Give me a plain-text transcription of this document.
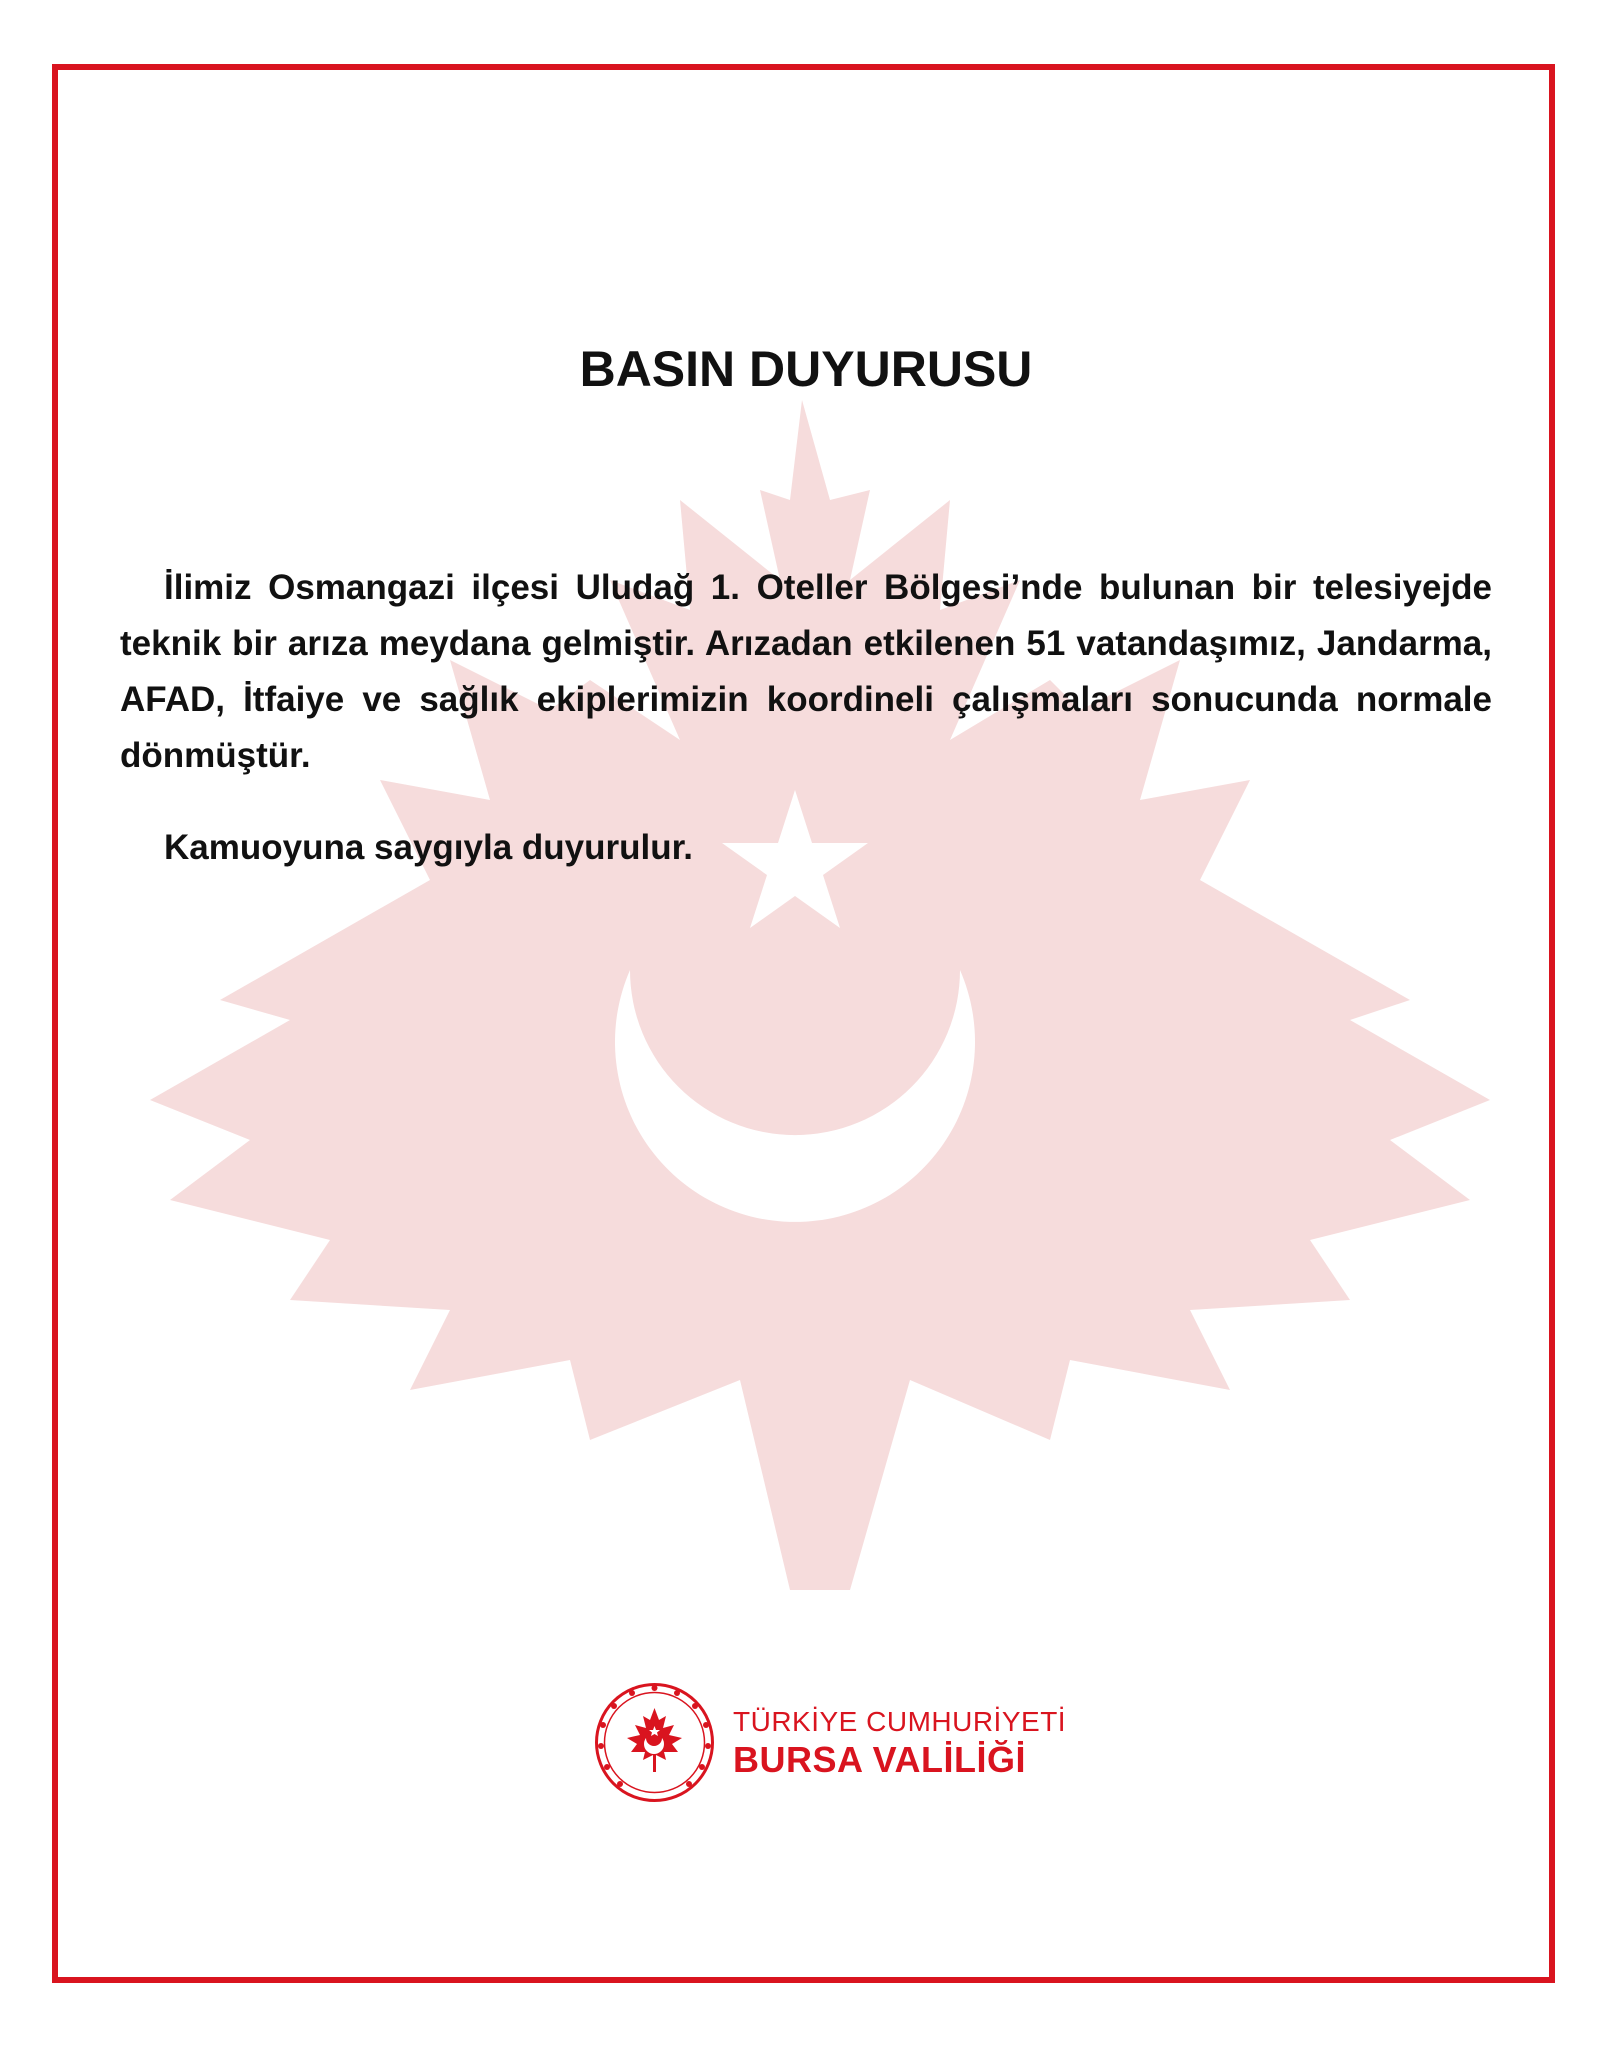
BASIN DUYURUSU

İlimiz Osmangazi ilçesi Uludağ 1. Oteller Bölgesi’nde bulunan bir telesiyejde teknik bir arıza meydana gelmiştir. Arızadan etkilenen 51 vatandaşımız, Jandarma, AFAD, İtfaiye ve sağlık ekiplerimizin koordineli çalışmaları sonucunda normale dönmüştür.

Kamuoyuna saygıyla duyurulur.

TÜRKİYE CUMHURİYETİ
BURSA VALİLİĞİ
